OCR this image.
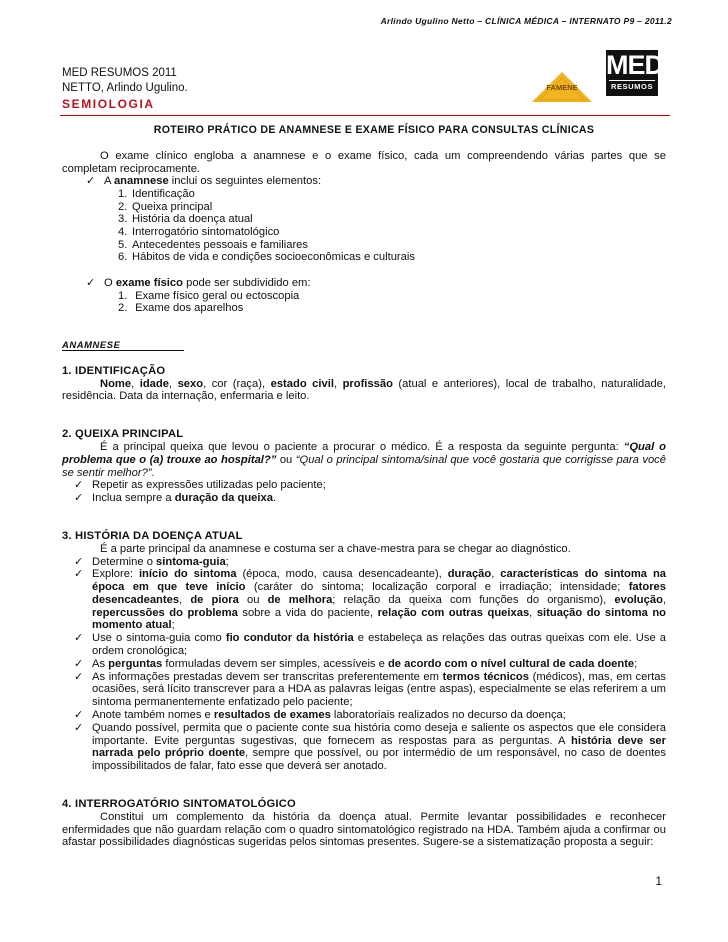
Arlindo Ugulino Netto – CLÍNICA MÉDICA – INTERNATO P9 – 2011.2
MED RESUMOS 2011
NETTO, Arlindo Ugulino.
SEMIOLOGIA
FAMENE
MED
RESUMOS

ROTEIRO PRÁTICO DE ANAMNESE E EXAME FÍSICO PARA CONSULTAS CLÍNICAS

O exame clínico engloba a anamnese e o exame físico, cada um compreendendo várias partes que se completam reciprocamente.

✓ A anamnese inclui os seguintes elementos:
1. Identificação
2. Queixa principal
3. História da doença atual
4. Interrogatório sintomatológico
5. Antecedentes pessoais e familiares
6. Hábitos de vida e condições socioeconômicas e culturais
✓ O exame físico pode ser subdividido em:
1. Exame físico geral ou ectoscopia
2. Exame dos aparelhos
ANAMNESE

1. IDENTIFICAÇÃO

Nome, idade, sexo, cor (raça), estado civil, profissão (atual e anteriores), local de trabalho, naturalidade, residência. Data da internação, enfermaria e leito.

2. QUEIXA PRINCIPAL

É a principal queixa que levou o paciente a procurar o médico. É a resposta da seguinte pergunta: “Qual o problema que o (a) trouxe ao hospital?” ou “Qual o principal sintoma/sinal que você gostaria que corrigisse para você se sentir melhor?”.

✓ Repetir as expressões utilizadas pelo paciente;
✓ Inclua sempre a duração da queixa.

3. HISTÓRIA DA DOENÇA ATUAL

É a parte principal da anamnese e costuma ser a chave-mestra para se chegar ao diagnóstico.

✓ Determine o sintoma-guia;
✓ Explore: início do sintoma (época, modo, causa desencadeante), duração, características do sintoma na época em que teve início (caráter do sintoma; localização corporal e irradiação; intensidade; fatores desencadeantes, de piora ou de melhora; relação da queixa com funções do organismo), evolução, repercussões do problema sobre a vida do paciente, relação com outras queixas, situação do sintoma no momento atual;
✓ Use o sintoma-guia como fio condutor da história e estabeleça as relações das outras queixas com ele. Use a ordem cronológica;
✓ As perguntas formuladas devem ser simples, acessíveis e de acordo com o nível cultural de cada doente;
✓ As informações prestadas devem ser transcritas preferentemente em termos técnicos (médicos), mas, em certas ocasiões, será lícito transcrever para a HDA as palavras leigas (entre aspas), especialmente se elas referirem a um sintoma permanentemente enfatizado pelo paciente;
✓ Anote também nomes e resultados de exames laboratoriais realizados no decurso da doença;
✓ Quando possível, permita que o paciente conte sua história como deseja e saliente os aspectos que ele considera importante. Evite perguntas sugestivas, que fornecem as respostas para as perguntas. A história deve ser narrada pelo próprio doente, sempre que possível, ou por intermédio de um responsável, no caso de doentes impossibilitados de falar, fato esse que deverá ser anotado.

4. INTERROGATÓRIO SINTOMATOLÓGICO

Constitui um complemento da história da doença atual. Permite levantar possibilidades e reconhecer enfermidades que não guardam relação com o quadro sintomatológico registrado na HDA. Também ajuda a confirmar ou afastar possibilidades diagnósticas sugeridas pelos sintomas presentes. Sugere-se a sistematização proposta a seguir:

1
